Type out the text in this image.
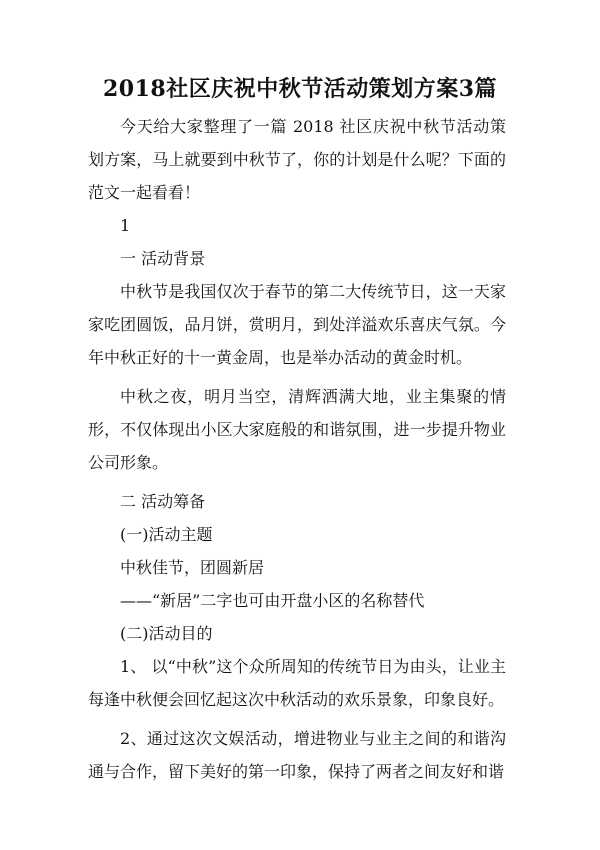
2018社区庆祝中秋节活动策划方案3篇

今天给大家整理了一篇 2018 社区庆祝中秋节活动策划方案，马上就要到中秋节了，你的计划是什么呢？下面的范文一起看看！

1

一 活动背景

中秋节是我国仅次于春节的第二大传统节日，这一天家家吃团圆饭，品月饼，赏明月，到处洋溢欢乐喜庆气氛。今年中秋正好的十一黄金周，也是举办活动的黄金时机。

中秋之夜，明月当空，清辉洒满大地，业主集聚的情形，不仅体现出小区大家庭般的和谐氛围，进一步提升物业公司形象。

二 活动筹备

(一)活动主题

中秋佳节，团圆新居

——“新居”二字也可由开盘小区的名称替代

(二)活动目的

1、 以“中秋”这个众所周知的传统节日为由头，让业主每逢中秋便会回忆起这次中秋活动的欢乐景象，印象良好。

2、通过这次文娱活动，增进物业与业主之间的和谐沟通与合作，留下美好的第一印象，保持了两者之间友好和谐
